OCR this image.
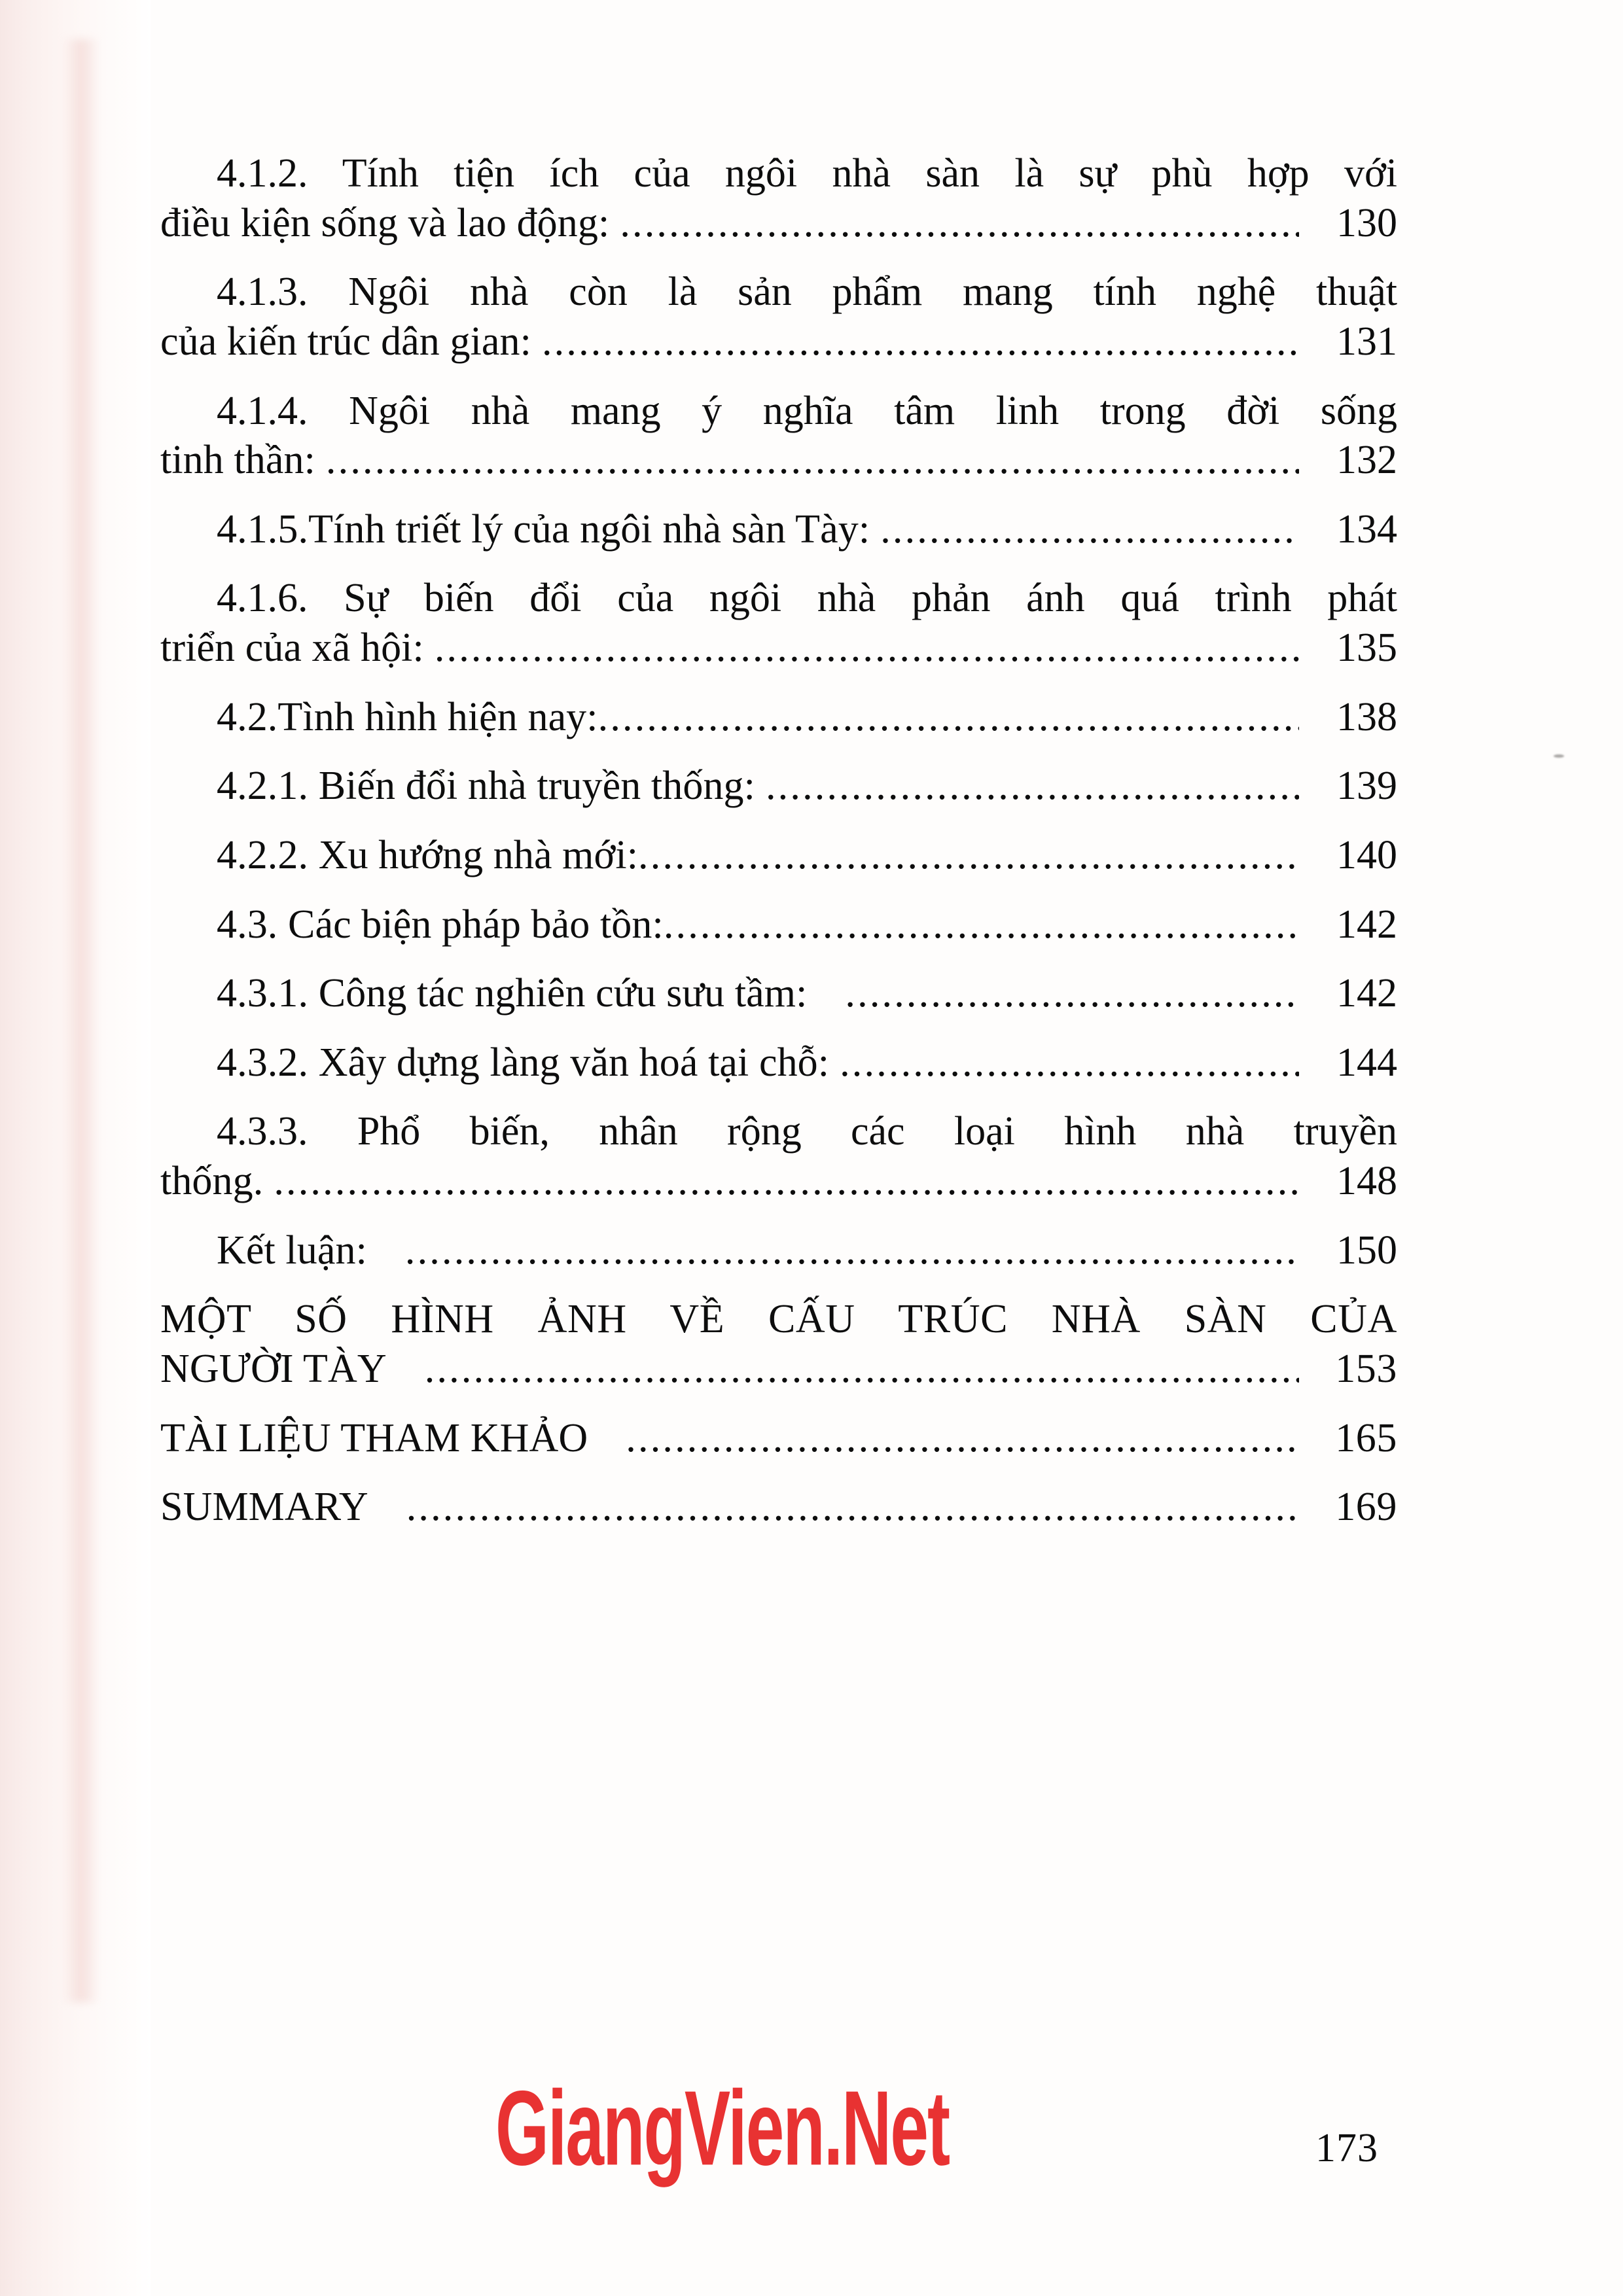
4.1.2. Tính tiện ích của ngôi nhà sàn là sự phù hợp với
điều kiện sống và lao động: .....	130
4.1.3. Ngôi nhà còn là sản phẩm mang tính nghệ thuật
của kiến trúc dân gian: .....	131
4.1.4. Ngôi nhà mang ý nghĩa tâm linh trong đời sống
tinh thần: .....	132
4.1.5.Tính triết lý của ngôi nhà sàn Tày: .....	134
4.1.6. Sự biến đổi của ngôi nhà phản ánh quá trình phát
triển của xã hội: .....	135
4.2.Tình hình hiện nay: .....	138
4.2.1. Biến đổi nhà truyền thống: .....	139
4.2.2. Xu hướng nhà mới: .....	140
4.3. Các biện pháp bảo tồn: .....	142
4.3.1. Công tác nghiên cứu sưu tầm: .....	142
4.3.2. Xây dựng làng văn hoá tại chỗ: .....	144
4.3.3. Phổ biến, nhân rộng các loại hình nhà truyền
thống. .....	148
Kết luận: .....	150
MỘT SỐ HÌNH ẢNH VỀ CẤU TRÚC NHÀ SÀN CỦA
NGƯỜI TÀY .....	153
TÀI LIỆU THAM KHẢO .....	165
SUMMARY .....	169
GiangVien.Net	173
